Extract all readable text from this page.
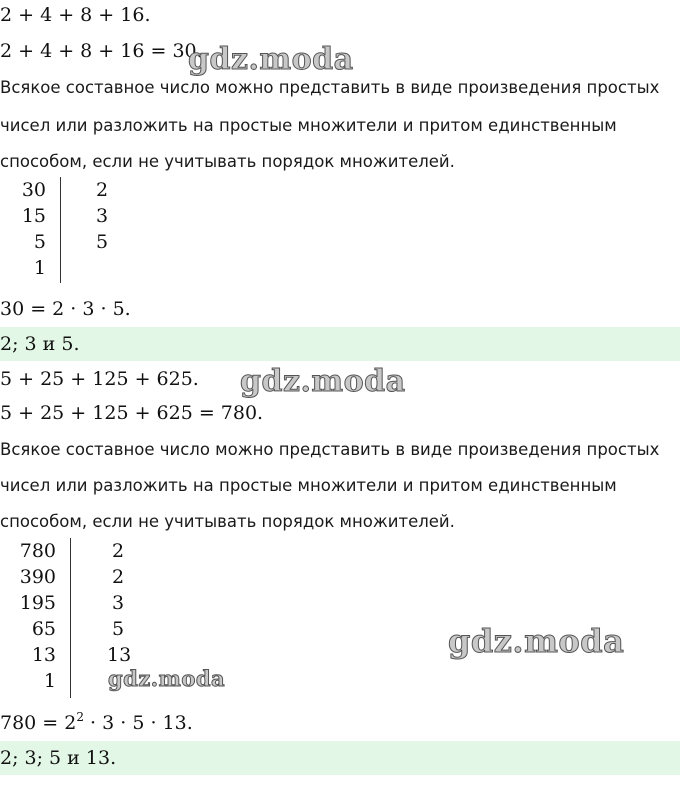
2 + 4 + 8 + 16.
2 + 4 + 8 + 16 = 30.
Всякое составное число можно представить в виде произведения простых
чисел или разложить на простые множители и притом единственным
способом, если не учитывать порядок множителей.
30	2
15	3
5	5
1
30 = 2 · 3 · 5.
2; 3 и 5.
5 + 25 + 125 + 625.
5 + 25 + 125 + 625 = 780.
Всякое составное число можно представить в виде произведения простых
чисел или разложить на простые множители и притом единственным
способом, если не учитывать порядок множителей.
780	2
390	2
195	3
65	5
13	13
1
$780 = 2^2 \cdot 3 \cdot 5 \cdot 13$.
2; 3; 5 и 13.
gdz.moda
gdz.moda
gdz.moda
gdz.moda
